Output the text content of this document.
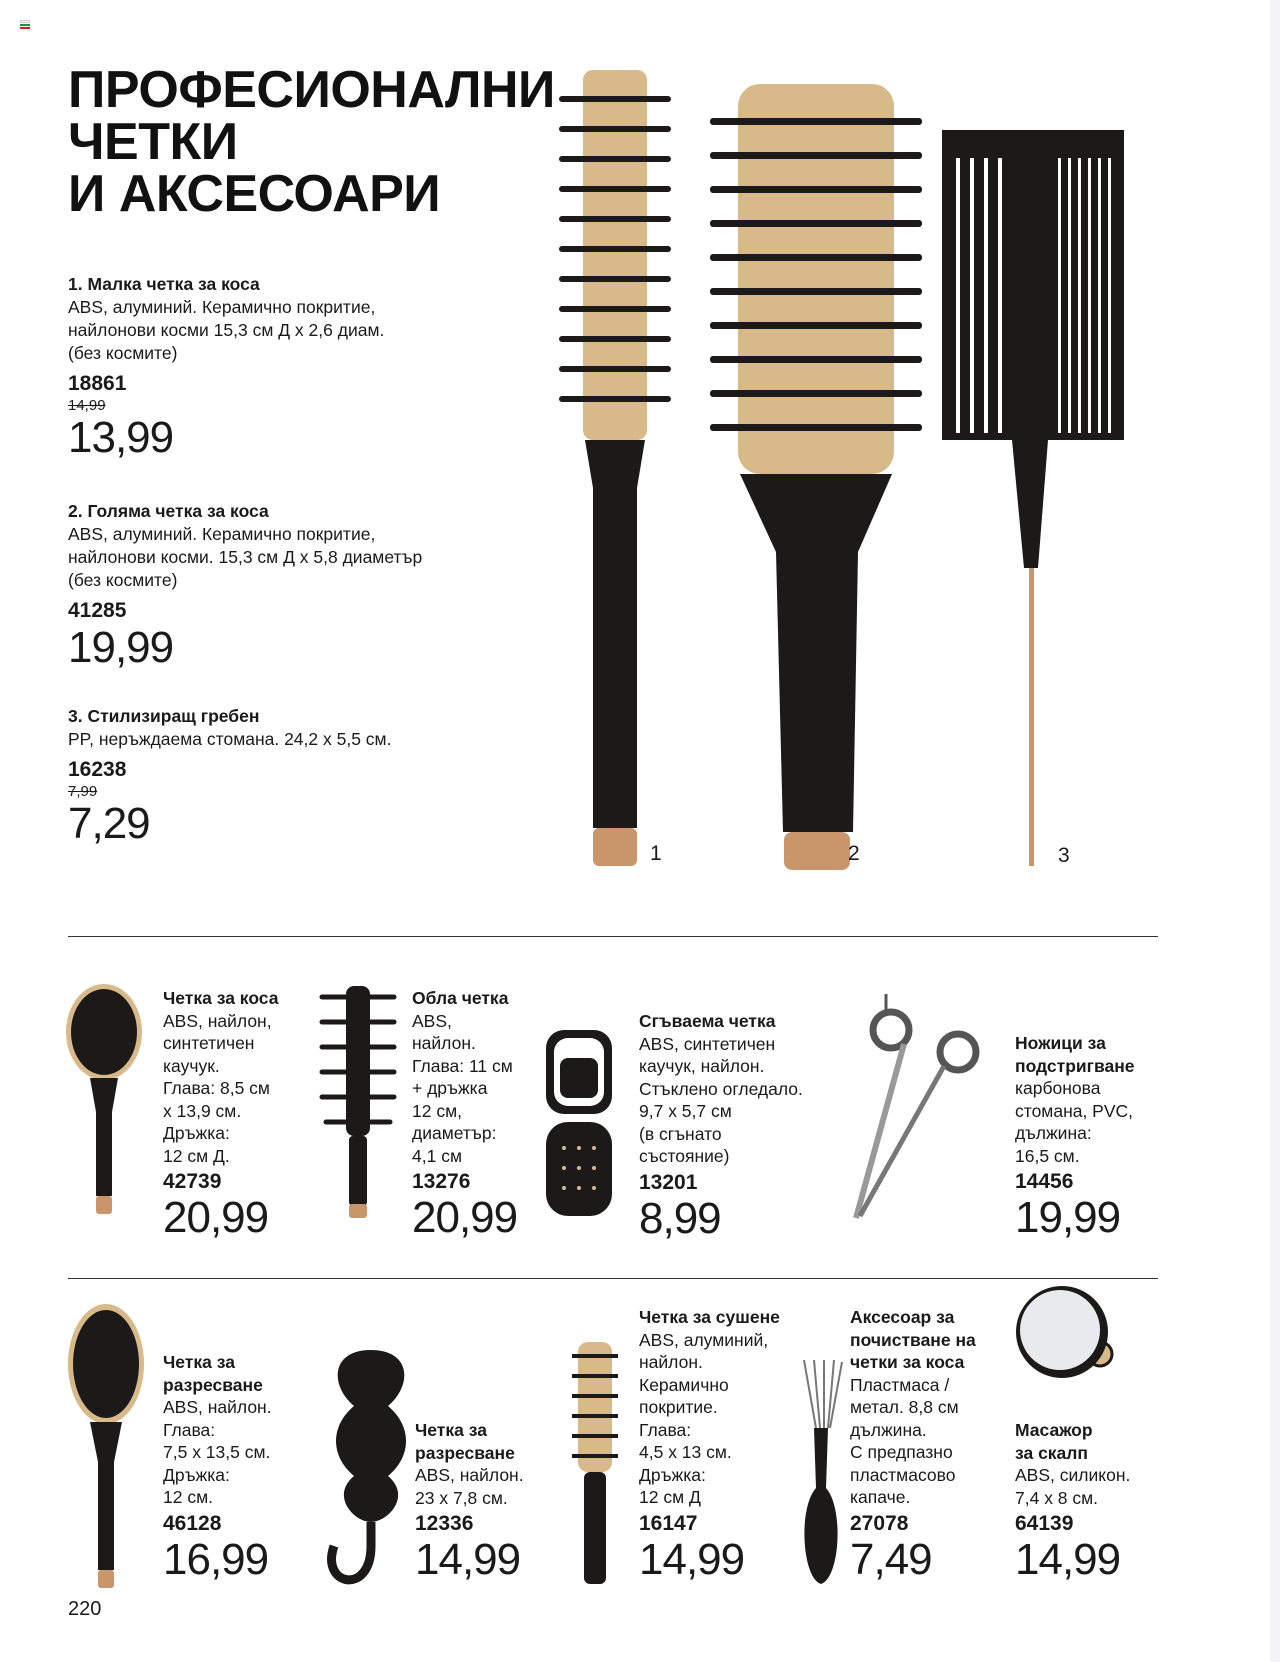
ПРОФЕСИОНАЛНИ
ЧЕТКИ
И АКСЕСОАРИ
1. Малка четка за коса
ABS, алуминий. Керамично покритие,
найлонови косми 15,3 см Д х 2,6 диам.
(без космите)
18861
14,99
13,99
2. Голяма четка за коса
ABS, алуминий. Керамично покритие,
найлонови косми. 15,3 см Д х 5,8 диаметър
(без космите)
41285
19,99
3. Стилизиращ гребен
PP, неръждаема стомана. 24,2 х 5,5 см.
16238
7,99
7,29
1	2	3
Четка за коса
ABS, найлон,
синтетичен
каучук.
Глава: 8,5 см
х 13,9 см.
Дръжка:
12 см Д.
42739
20,99
Обла четка
ABS,
найлон.
Глава: 11 см
+ дръжка
12 см,
диаметър:
4,1 см
13276
20,99
Сгъваема четка
ABS, синтетичен
каучук, найлон.
Стъклено огледало.
9,7 х 5,7 см
(в сгънато
състояние)
13201
8,99
Ножици за
подстригване
карбонова
стомана, PVC,
дължина:
16,5 см.
14456
19,99
Четка за
разресване
ABS, найлон.
Глава:
7,5 х 13,5 см.
Дръжка:
12 см.
46128
16,99
Четка за
разресване
ABS, найлон.
23 х 7,8 см.
12336
14,99
Четка за сушене
ABS, алуминий,
найлон.
Керамично
покритие.
Глава:
4,5 х 13 см.
Дръжка:
12 см Д
16147
14,99
Аксесоар за
почистване на
четки за коса
Пластмаса /
метал. 8,8 см
дължина.
С предпазно
пластмасово
капаче.
27078
7,49
Масажор
за скалп
ABS, силикон.
7,4 х 8 см.
64139
14,99
220
